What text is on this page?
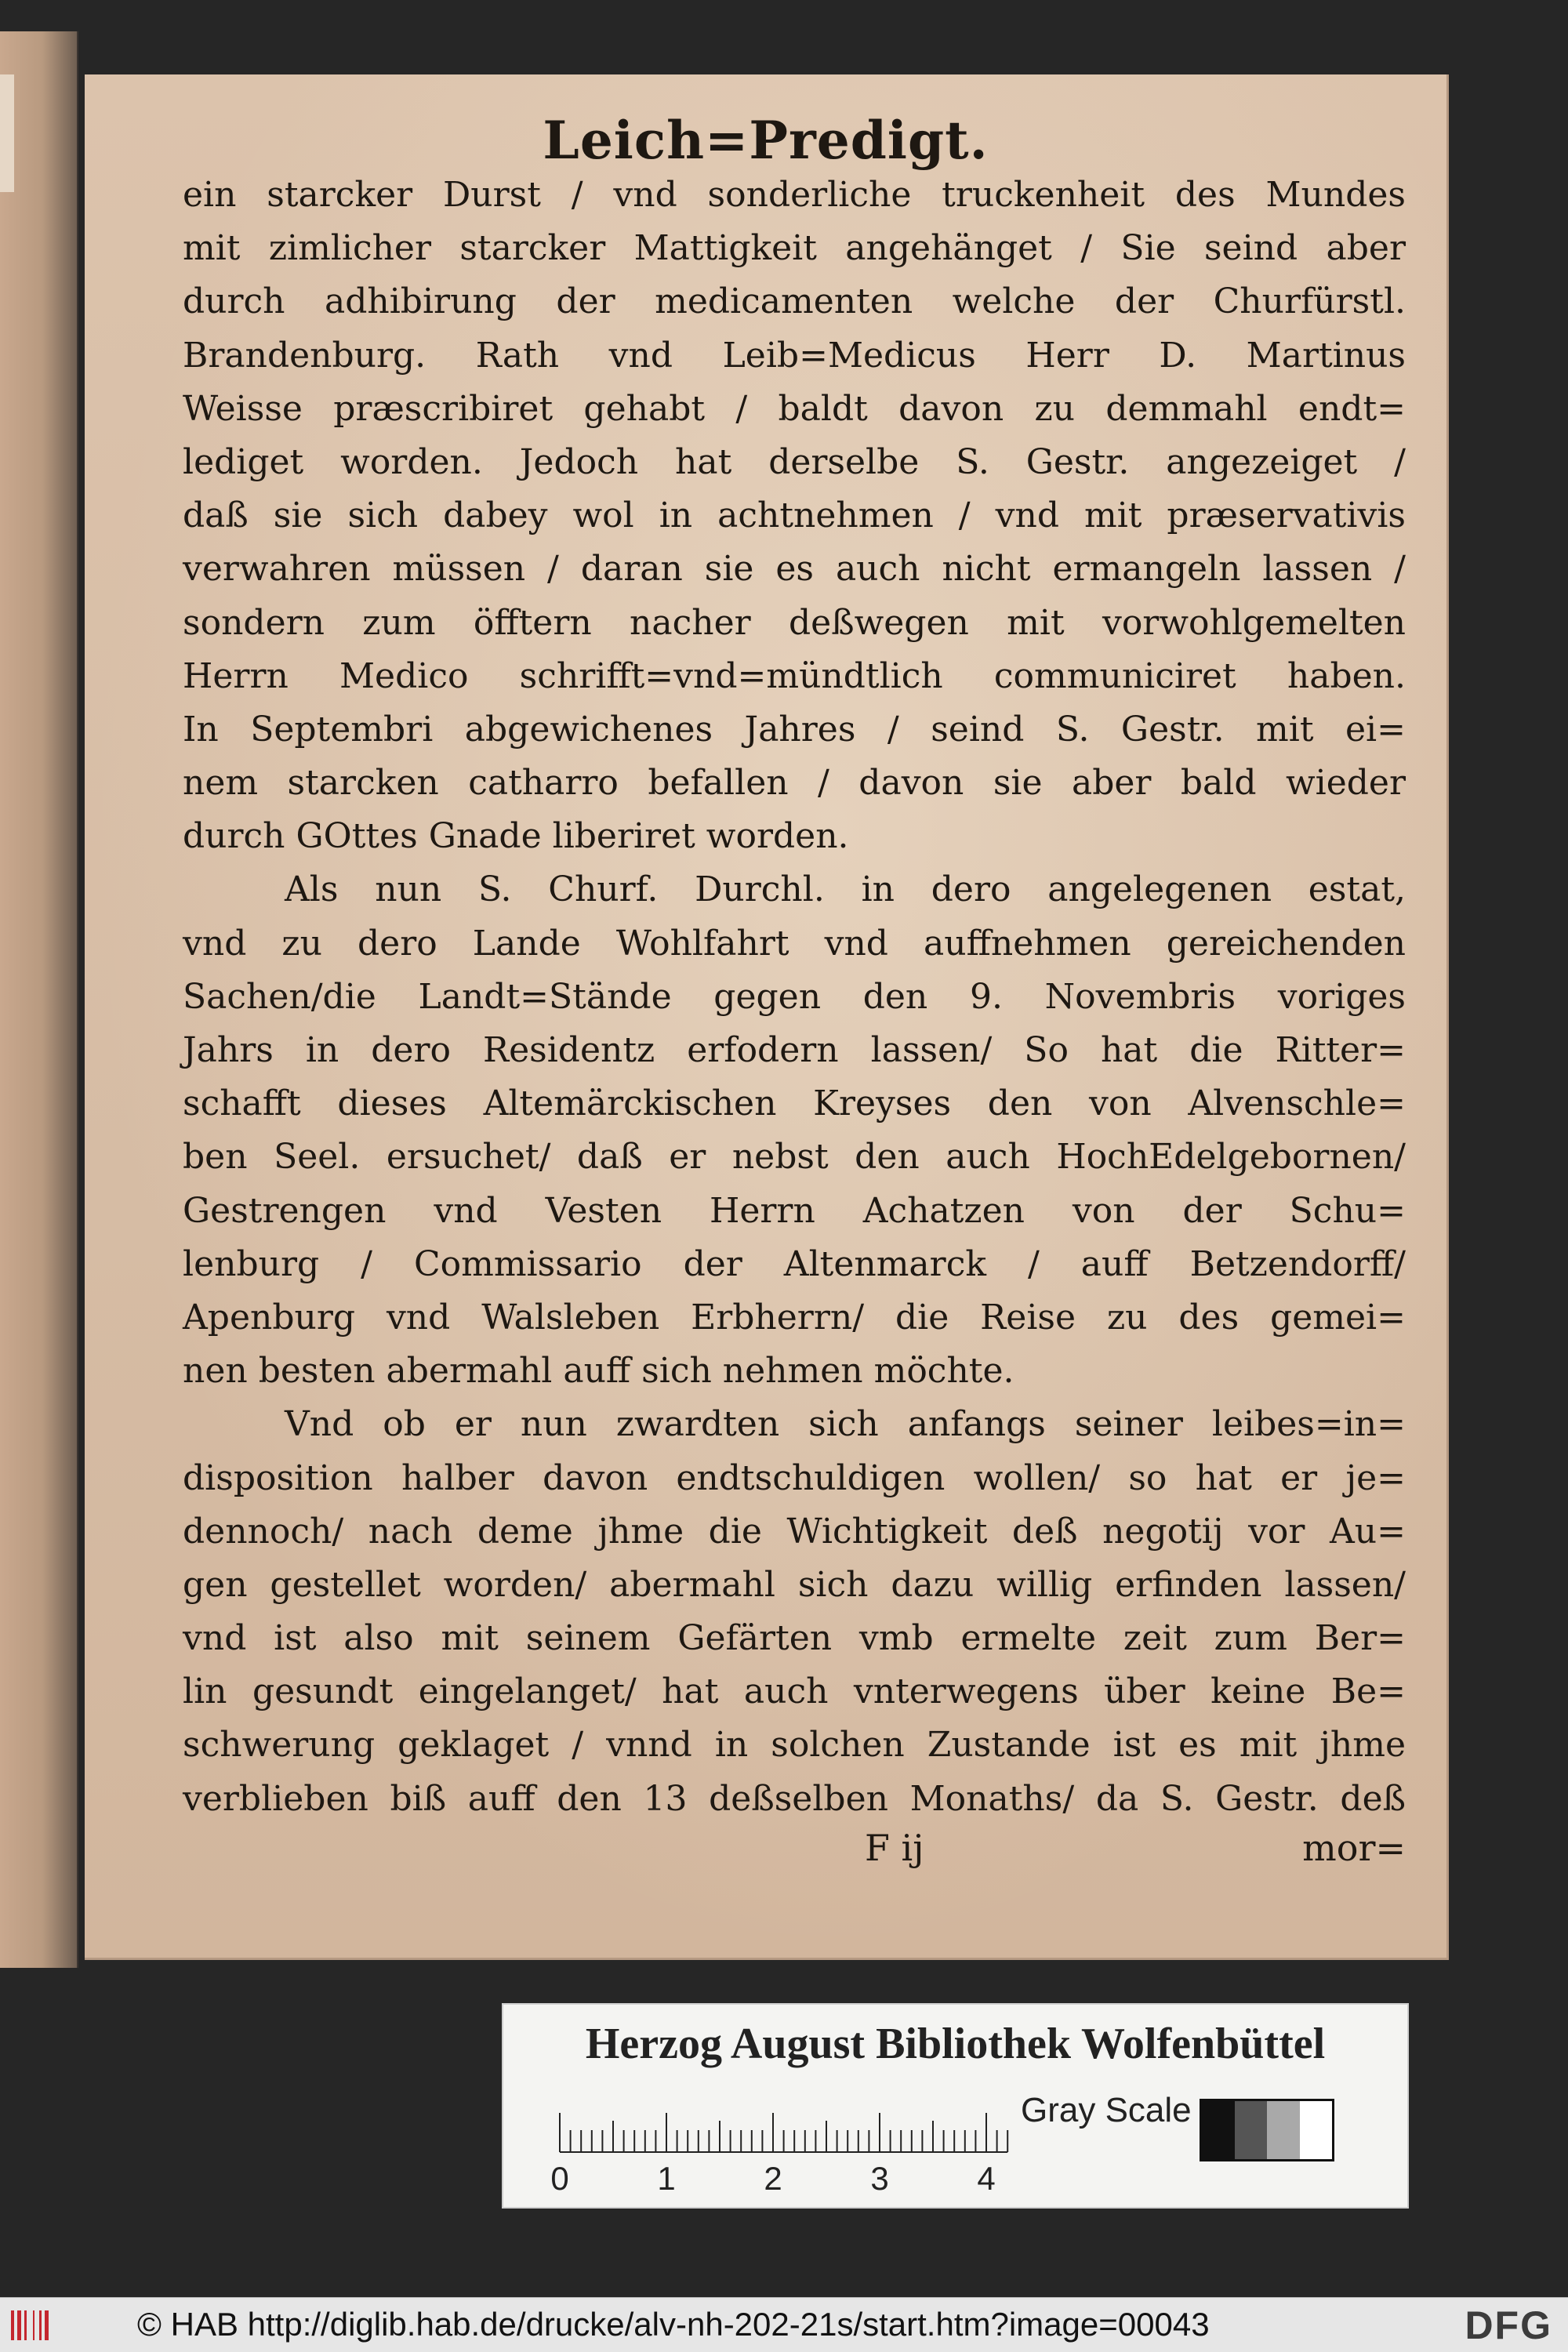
Leich=Predigt.
ein starcker Durst / vnd sonderliche truckenheit des Mundes
mit zimlicher starcker Mattigkeit angehänget / Sie seind aber
durch adhibirung der medicamenten welche der Churfürstl.
Brandenburg. Rath vnd Leib=Medicus Herr D. Martinus
Weisse præscribiret gehabt / baldt davon zu demmahl endt=
lediget worden. Jedoch hat derselbe S. Gestr. angezeiget /
daß sie sich dabey wol in achtnehmen / vnd mit præservativis
verwahren müssen / daran sie es auch nicht ermangeln lassen /
sondern zum öfftern nacher deßwegen mit vorwohlgemelten
Herrn Medico schrifft=vnd=mündtlich communiciret haben.
In Septembri abgewichenes Jahres / seind S. Gestr. mit ei=
nem starcken catharro befallen / davon sie aber bald wieder
durch GOttes Gnade liberiret worden.
Als nun S. Churf. Durchl. in dero angelegenen estat,
vnd zu dero Lande Wohlfahrt vnd auffnehmen gereichenden
Sachen/die Landt=Stände gegen den 9. Novembris voriges
Jahrs in dero Residentz erfodern lassen/ So hat die Ritter=
schafft dieses Altemärckischen Kreyses den von Alvenschle=
ben Seel. ersuchet/ daß er nebst den auch HochEdelgebornen/
Gestrengen vnd Vesten Herrn Achatzen von der Schu=
lenburg / Commissario der Altenmarck / auff Betzendorff/
Apenburg vnd Walsleben Erbherrn/ die Reise zu des gemei=
nen besten abermahl auff sich nehmen möchte.
Vnd ob er nun zwardten sich anfangs seiner leibes=in=
disposition halber davon endtschuldigen wollen/ so hat er je=
dennoch/ nach deme jhme die Wichtigkeit deß negotij vor Au=
gen gestellet worden/ abermahl sich dazu willig erfinden lassen/
vnd ist also mit seinem Gefärten vmb ermelte zeit zum Ber=
lin gesundt eingelanget/ hat auch vnterwegens über keine Be=
schwerung geklaget / vnnd in solchen Zustande ist es mit jhme
verblieben biß auff den 13 deßselben Monaths/ da S. Gestr. deß
F ij	mor=
Herzog August Bibliothek Wolfenbüttel
0	1	2	3	4
Gray Scale
© HAB http://diglib.hab.de/drucke/alv-nh-202-21s/start.htm?image=00043	DFG
